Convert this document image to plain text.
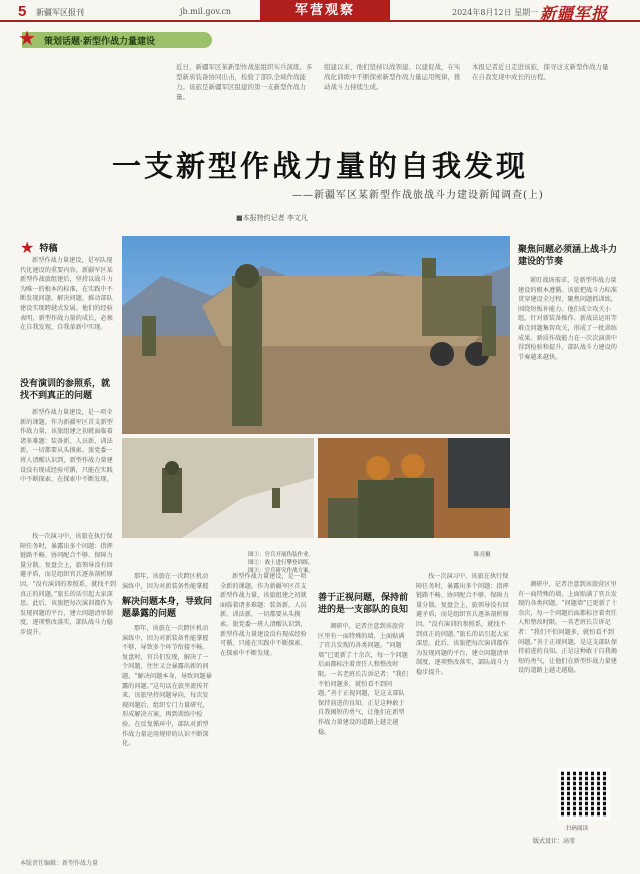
5 新疆军区报刊	jb.mil.gov.cn	军营观察	2024年8月12日 星期一 新疆军报
★ 策划话题·新型作战力量建设
近日，新疆军区某新型作战旅组织实兵演练，多型新质装备协同出击，检验了部队全域作战能力。该旅是新疆军区组建的第一支新型作战力量。
组建以来，他们坚持以战领建、以建促战，在实战化训练中不断探索新型作战力量运用规律，推动战斗力持续生成。
本报记者近日走进该旅，探寻这支新型作战力量在自我发现中成长的历程。
一支新型作战力量的自我发现
——新疆军区某新型作战旅战斗力建设新闻调查(上)
■本报特约记者 李文凡
★ 特稿

新型作战力量建设，是军队现代化建设的重要内容。新疆军区某新型作战旅组建后，坚持以战斗力为唯一的根本的标准，在实践中不断发现问题、解决问题，推动部队建设实现跨越式发展。他们的经验表明，新型作战力量的成长，必须在自我发现、自我革新中实现。

没有演训的参照系，就找不到真正的问题

新型作战力量建设，是一项全新的课题。作为新疆军区首支新型作战力量，该旅组建之初就面临着诸多难题：装备新、人员新、训法新，一切都要从头摸索。旅党委一班人清醒认识到，新型作战力量建设没有现成经验可循，只能在实践中不断探索、在探索中不断发现。

找一次演习中，该旅在执行保障任务时，暴露出多个问题：指挥链路不畅、协同配合不够、保障力量分散。复盘会上，旅领导没有回避矛盾，而是组织官兵逐条剖析原因。“没有演训的参照系，就找不到真正的问题。”旅长的话引起大家深思。此后，该旅把每次演训都作为发现问题的平台，建立问题清单制度，逐项整改落实，部队战斗力稳步提升。

图①：官兵开展伪装作业。
图②：战士进行攀登训练。
图③：官兵研究作战方案。
陈亮摄

那年，该旅在一次跨区机动演练中，因为对新装备性能掌握

解决问题本身，导致问题暴露的问题

那年，该旅在一次跨区机动演练中，因为对新装备性能掌握不够，导致多个环节衔接不畅。复盘时，官兵们发现，解决了一个问题，往往又会暴露出新的问题。“解决问题本身，导致问题暴露的问题。”这句话在旅里流传开来。该旅坚持问题导向，每次发现问题后，组织专门力量研究，形成解决方案，再到训练中检验。在反复循环中，部队对新型作战力量运用规律的认识不断深化。

新型作战力量建设，是一项全新的课题。作为新疆军区首支新型作战力量，该旅组建之初就面临着诸多难题：装备新、人员新、训法新，一切都要从头摸索。旅党委一班人清醒认识到，新型作战力量建设没有现成经验可循，只能在实践中不断探索、在探索中不断发现。

善于正视问题，保持前进的是一支部队的良知

调研中，记者注意到该旅营区里有一面特殊的墙，上面贴满了官兵发现的各类问题。“问题墙”已更新了十余次，每一个问题后面都标注着责任人和整改时限。一名老班长告诉记者：“我们不怕问题多，就怕看不到问题。”善于正视问题，是这支部队保持前进的良知。正是这种敢于自我揭短的勇气，让他们在新型作战力量建设的道路上越走越稳。

找一次演习中，该旅在执行保障任务时，暴露出多个问题：指挥链路不畅、协同配合不够、保障力量分散。复盘会上，旅领导没有回避矛盾，而是组织官兵逐条剖析原因。“没有演训的参照系，就找不到真正的问题。”旅长的话引起大家深思。此后，该旅把每次演训都作为发现问题的平台，建立问题清单制度，逐项整改落实，部队战斗力稳步提升。

聚焦问题必须涵上战斗力建设的节奏

紧盯战场需求，是新型作战力量建设的根本遵循。该旅把战斗力标准贯穿建设全过程，聚焦问题抓训练，围绕短板补能力。他们成立攻关小组，针对新装备操作、新战法运用等难点问题集智攻关，形成了一批训练成果。新质作战能力在一次次演训中得到检验和提升，部队战斗力建设的节奏越来越快。

调研中，记者注意到该旅营区里有一面特殊的墙，上面贴满了官兵发现的各类问题。“问题墙”已更新了十余次，每一个问题后面都标注着责任人和整改时限。一名老班长告诉记者：“我们不怕问题多，就怕看不到问题。”善于正视问题，是这支部队保持前进的良知。正是这种敢于自我揭短的勇气，让他们在新型作战力量建设的道路上越走越稳。

扫码阅读
本版责任编辑：新型作战力量
版式设计：高莹
